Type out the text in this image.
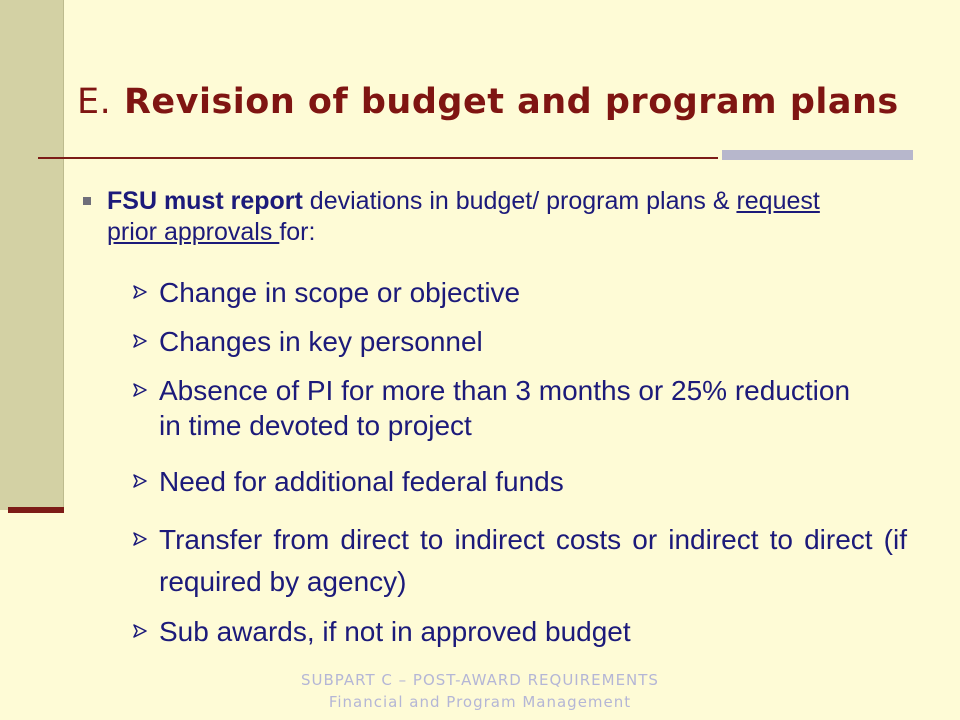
E. Revision of budget and program plans
FSU must report deviations in budget/ program plans & request prior approvals for:
Change in scope or objective
Changes in key personnel
Absence of PI for more than 3 months or 25% reduction in time devoted to project
Need for additional federal funds
Transfer from direct to indirect costs or indirect to direct (if required by agency)
Sub awards, if not in approved budget
SUBPART C – POST-AWARD REQUIREMENTS
Financial and Program Management
